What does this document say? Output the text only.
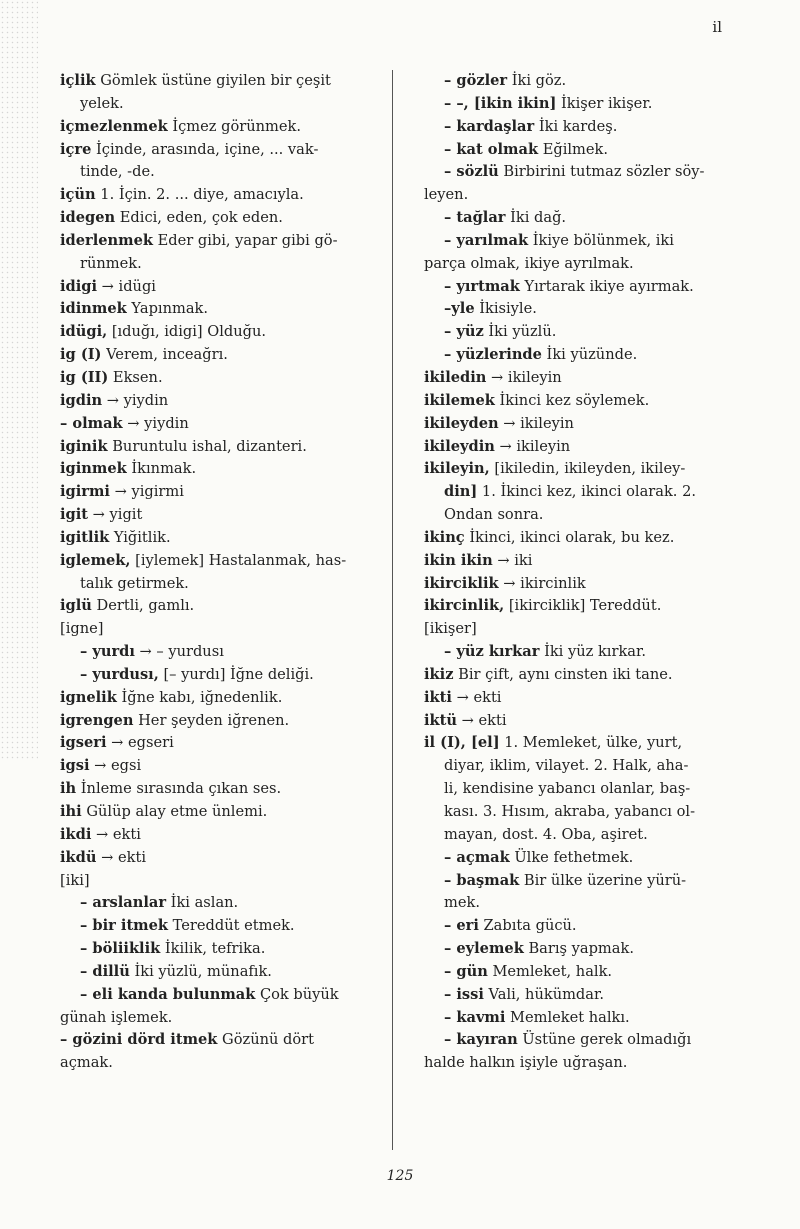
il
içlik Gömlek üstüne giyilen bir çeşit
yelek.
içmezlenmek İçmez görünmek.
içre İçinde, arasında, içine, ... vak-
tinde, -de.
içün 1. İçin. 2. ... diye, amacıyla.
idegen Edici, eden, çok eden.
iderlenmek Eder gibi, yapar gibi gö-
rünmek.
idigi → idügi
idinmek Yapınmak.
idügi, [ıduğı, idigi] Olduğu.
ig (I) Verem, inceağrı.
ig (II) Eksen.
igdin → yiydin
– olmak → yiydin
iginik Buruntulu ishal, dizanteri.
iginmek İkınmak.
igirmi → yigirmi
igit → yigit
igitlik Yiğitlik.
iglemek, [iylemek] Hastalanmak, has-
talık getirmek.
iglü Dertli, gamlı.
[igne]
– yurdı → – yurdusı
– yurdusı, [– yurdı] İğne deliği.
ignelik İğne kabı, iğnedenlik.
igrengen Her şeyden iğrenen.
igseri → egseri
igsi → egsi
ih İnleme sırasında çıkan ses.
ihi Gülüp alay etme ünlemi.
ikdi → ekti
ikdü → ekti
[iki]
– arslanlar İki aslan.
– bir itmek Tereddüt etmek.
– böliiklik İkilik, tefrika.
– dillü İki yüzlü, münafık.
– eli kanda bulunmak Çok büyük
günah işlemek.
– gözini dörd itmek Gözünü dört
açmak.
– gözler İki göz.
– –, [ikin ikin] İkişer ikişer.
– kardaşlar İki kardeş.
– kat olmak Eğilmek.
– sözlü Birbirini tutmaz sözler söy-
leyen.
– tağlar İki dağ.
– yarılmak İkiye bölünmek, iki
parça olmak, ikiye ayrılmak.
– yırtmak Yırtarak ikiye ayırmak.
–yle İkisiyle.
– yüz İki yüzlü.
– yüzlerinde İki yüzünde.
ikiledin → ikileyin
ikilemek İkinci kez söylemek.
ikileyden → ikileyin
ikileydin → ikileyin
ikileyin, [ikiledin, ikileyden, ikiley-
din] 1. İkinci kez, ikinci olarak. 2.
Ondan sonra.
ikinç İkinci, ikinci olarak, bu kez.
ikin ikin → iki
ikirciklik → ikircinlik
ikircinlik, [ikirciklik] Tereddüt.
[ikişer]
– yüz kırkar İki yüz kırkar.
ikiz Bir çift, aynı cinsten iki tane.
ikti → ekti
iktü → ekti
il (I), [el] 1. Memleket, ülke, yurt,
diyar, iklim, vilayet. 2. Halk, aha-
li, kendisine yabancı olanlar, baş-
kası. 3. Hısım, akraba, yabancı ol-
mayan, dost. 4. Oba, aşiret.
– açmak Ülke fethetmek.
– başmak Bir ülke üzerine yürü-
mek.
– eri Zabıta gücü.
– eylemek Barış yapmak.
– gün Memleket, halk.
– issi Vali, hükümdar.
– kavmi Memleket halkı.
– kayıran Üstüne gerek olmadığı
halde halkın işiyle uğraşan.
125
